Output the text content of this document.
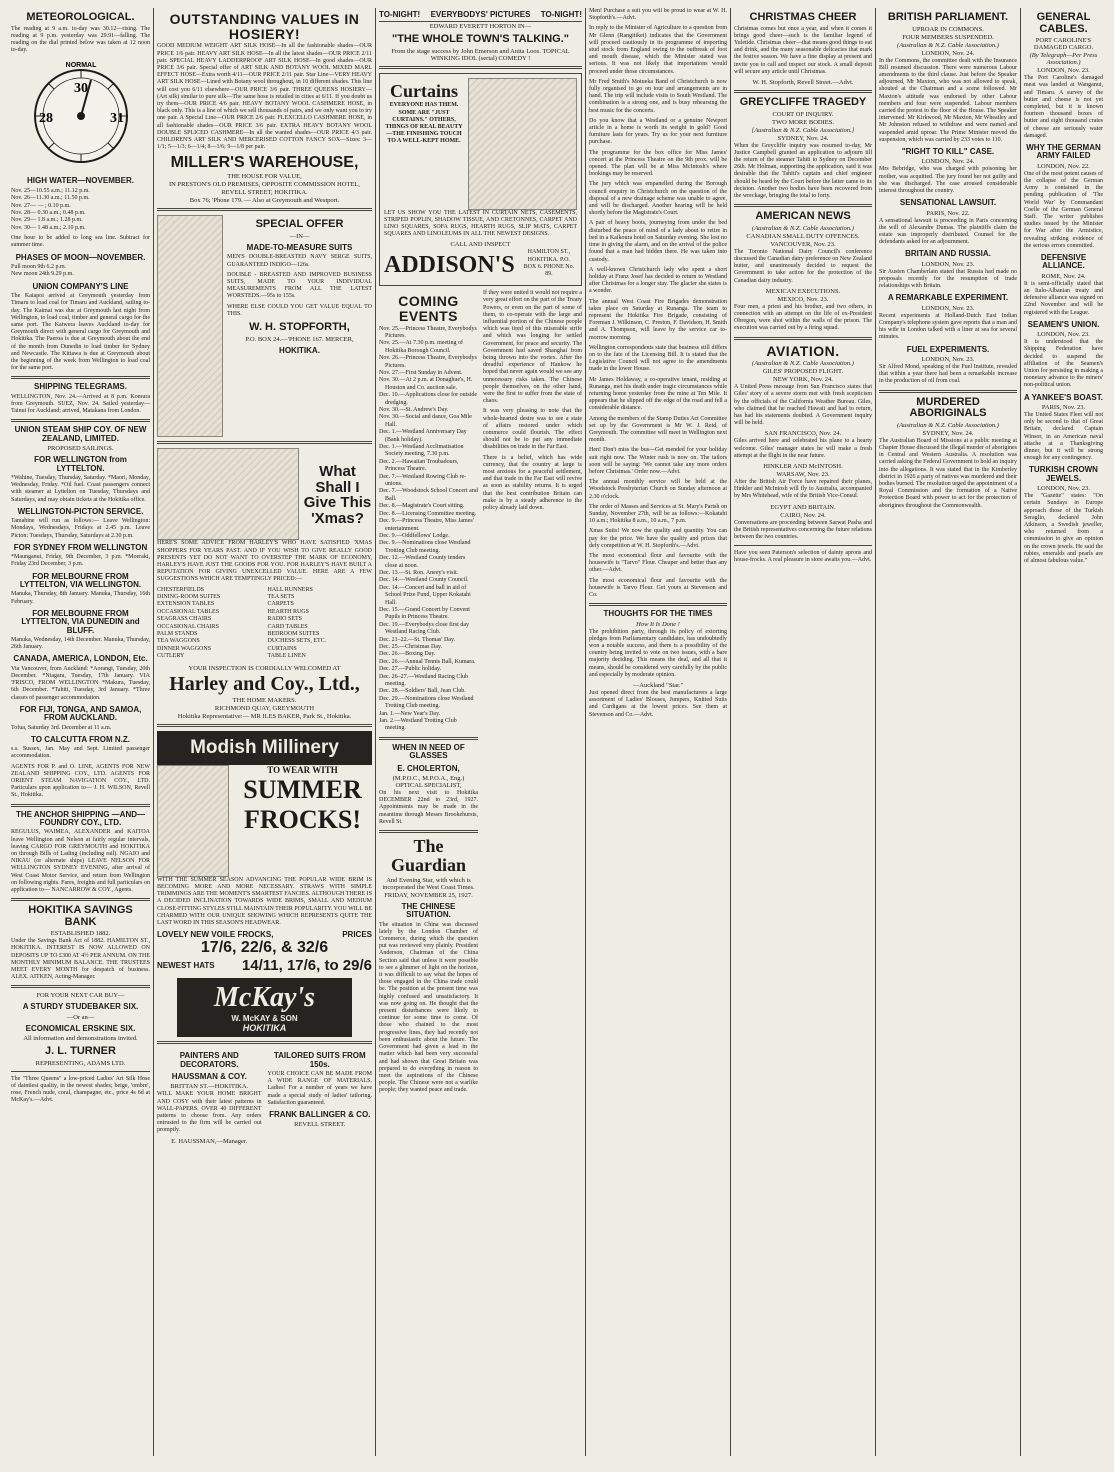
METEOROLOGICAL.

The reading at 9 a.m. to-day was 30.12—rising. The reading at 9 p.m. yesterday was 29.91—falling. The reading on the dial printed below was taken at 12 noon to-day.

NORMAL
28	31
30
HIGH WATER—NOVEMBER.
Nov. 25—10.55 a.m.; 11.12 p.m.
Nov. 26—11.30 a.m.; 11.50 p.m.
Nov. 27— — ; 0.10 p.m.
Nov. 28— 0.30 a.m.; 0.48 p.m.
Nov. 29— 1.8 a.m.; 1.28 p.m.
Nov. 30— 1.48 a.m.; 2.10 p.m.

One hour to be added to long sea line. Subtract for summer time.

PHASES OF MOON—NOVEMBER.
Full moon 9th 6.2 p.m.
New moon 24th 9.29 p.m.
UNION COMPANY'S LINE

The Kaiapoi arrived at Greymouth yesterday from Timaru to load coal for Timaru and Auckland, sailing to-day. The Kaimai was due at Greymouth last night from Wellington, to load coal, timber and general cargo for the same port. The Kaiwera leaves Auckland to-day for Greymouth direct with general cargo for Greymouth and Hokitika. The Paeroa is due at Greymouth about the end of the month from Dunedin to load timber for Sydney and Newcastle. The Kittawa is due at Greymouth about the beginning of the week from Wellington to load coal for the same port.

SHIPPING TELEGRAMS.

WELLINGTON, Nov. 24.—Arrived at 8 p.m. Komura from Greymouth. SUEZ, Nov. 24. Sailed yesterday—Tainui for Auckland; arrived, Matakana from London.

UNION STEAM SHIP COY. OF NEW ZEALAND, LIMITED.
PROPOSED SAILINGS.
FOR WELLINGTON from LYTTELTON.

*Wahine, Tuesday, Thursday, Saturday. *Maori, Monday, Wednesday, Friday. *Oil fuel. Coast passengers connect with steamer at Lyttelton on Tuesday, Thursdays and Saturdays, and may obtain tickets at the Hokitika office.

WELLINGTON-PICTON SERVICE.

Tamahine will run as follows:— Leave Wellington: Mondays, Wednesdays, Fridays at 2.45 p.m. Leave Picton: Tuesdays, Thursday, Saturdays at 2.30 p.m.

FOR SYDNEY FROM WELLINGTON

*Maunganui, Friday, 9th December, 3 p.m. *Moeraki, Friday 23rd December, 3 p.m.

FOR MELBOURNE FROM LYTTELTON, VIA WELLINGTON.

Manuka, Thursday, 8th January. Manuka, Thursday, 16th February.

FOR MELBOURNE FROM LYTTELTON, VIA DUNEDIN and BLUFF.

Manuka, Wednesday, 14th December. Manuka, Thursday, 26th January.

CANADA, AMERICA, LONDON, Etc.

Via Vancouver, from Auckland: *Aorangi, Tuesday, 20th December. *Niagara, Tuesday, 17th January. VIA 'FRISCO, FROM WELLINGTON *Makura, Tuesday, 6th December. *Tahiti, Tuesday, 3rd January. *Three classes of passenger accommodation.

FOR FIJI, TONGA, AND SAMOA, FROM AUCKLAND.

Tofua, Saturday 3rd. December at 11 a.m.

TO CALCUTTA FROM N.Z.

s.s. Sussex, Jan. May and Sept. Limited passenger accommodation.

AGENTS FOR P. and O. LINE, AGENTS FOR NEW ZEALAND SHIPPING COY., LTD. AGENTS FOR ORIENT STEAM NAVIGATION COY., LTD. Particulars upon application to— J. H. WILSON, Revell St., Hokitika.

THE ANCHOR SHIPPING —AND— FOUNDRY COY., LTD.

REGULUS, WAIMEA, ALEXANDER and KAITOA leave Wellington and Nelson at fairly regular intervals, leaving CARGO FOR GREYMOUTH and HOKITIKA on through Bills of Lading (including rail). NGAIO and NIKAU (or alternate ships) LEAVE NELSON FOR WELLINGTON SYDNEY EVENING, after arrival of West Coast Motor Service, and return from Wellington on following nights. Fares, freights and full particulars on application to— NANCARROW & COY., Agents.

HOKITIKA SAVINGS BANK
ESTABLISHED 1882.

Under the Savings Bank Act of 1882. HAMILTON ST., HOKITIKA. INTEREST IS NOW ALLOWED ON DEPOSITS UP TO £300 AT 4½ PER ANNUM. ON THE MONTHLY MINIMUM BALANCE. THE TRUSTEES MEET EVERY MONTH for despatch of business. ALEX. AITKEN, Acting-Manager.

FOR YOUR NEXT CAR BUY—
A STURDY STUDEBAKER SIX.
—Or an—
ECONOMICAL ERSKINE SIX.
All information and demonstrations invited.
J. L. TURNER
REPRESENTING, ADAMS LTD.

The "Three Queens" a low-priced Ladies' Art Silk Hose of daintiest quality, in the newest shades; beige, 'ombre', rose, French nude, coral, champagne, etc., price 4s 6d at McKay's.—Advt.

OUTSTANDING VALUES IN HOSIERY!

GOOD MEDIUM WEIGHT ART SILK HOSE—In all the fashionable shades—OUR PRICE 1/6 pair. HEAVY ART SILK HOSE—In all the latest shades—OUR PRICE 2/11 pair. SPECIAL HEAVY LADDERPROOF ART SILK HOSE—In good shades—OUR PRICE 3/6 pair. Special offer of ART SILK AND BOTANY WOOL MIXED MARL EFFECT HOSE—Extra worth 4/11—OUR PRICE 2/11 pair. Star Line—VERY HEAVY ART SILK HOSE—Lined with Botany wool throughout, in 10 different shades. This line will cost you 6/11 elsewhere—OUR PRICE 3/6 pair. THREE QUEENS HOSIERY—(Art silk) similar to pure silk—The same hose is retailed in cities at 6/11. If you doubt us try them—OUR PRICE 4/6 pair. HEAVY BOTANY WOOL CASHMERE HOSE, in black only. This is a line of which we sell thousands of pairs, and we only want you to try one pair. A Special Line—OUR PRICE 2/6 pair. FLEXCELLO CASHMERE HOSE, in all fashionable shades—OUR PRICE 3/6 pair. EXTRA HEAVY BOTANY WOOL DOUBLE SPLICED CASHMERE—In all the wanted shades—OUR PRICE 4/3 pair. CHILDREN'S ART SILK AND MERCERISED COTTON FANCY SOX—Sizes: 3—1/1; 5—1/3; 6—1/4; 8—1/6; 9—1/8 per pair.

MILLER'S WAREHOUSE,
THE HOUSE FOR VALUE,
IN PRESTON'S OLD PREMISES, OPPOSITE COMMISSION HOTEL,
REVELL STREET, HOKITIKA.
Box 76; 'Phone 179. — Also at Greymouth and Westport.
SPECIAL OFFER
—IN—
MADE-TO-MEASURE SUITS

MEN'S DOUBLE-BREASTED NAVY SERGE SUITS, GUARANTEED INDIGO—126s.

DOUBLE - BREASTED AND IMPROVED BUSINESS SUITS, MADE TO YOUR INDIVIDUAL MEASUREMENTS FROM ALL THE LATEST WORSTEDS.—95s to 155s.

WHERE ELSE COULD YOU GET VALUE EQUAL TO THIS.

W. H. STOPFORTH,
P.O. BOX 24.—'PHONE 167. MERCER,
HOKITIKA.
What Shall I Give This 'Xmas?

HERE'S SOME ADVICE FROM HARLEY'S WHO HAVE SATISFIED 'XMAS SHOPPERS FOR YEARS PAST. AND IF YOU WISH TO GIVE REALLY GOOD PRESENTS YET DO NOT WANT TO OVERSTEP THE MARK OF ECONOMY, HARLEY'S HAVE JUST THE GOODS FOR YOU. FOR HARLEY'S HAVE BUILT A REPUTATION FOR GIVING UNEXCELLED VALUE. HERE ARE A FEW SUGGESTIONS WHICH ARE TEMPTINGLY PRICED:—

CHESTERFIELDS
DINING-ROOM SUITES
EXTENSION TABLES
OCCASIONAL TABLES
SEAGRASS CHAIRS
OCCASIONAL CHAIRS
PALM STANDS
TEA WAGGONS
DINNER WAGGONS
CUTLERY
HALL RUNNERS
TEA SETS
CARPETS
HEARTH RUGS
RADIO SETS
CARD TABLES
BEDROOM SUITES
DUCHESS SETS, ETC.
CURTAINS
TABLE LINEN
YOUR INSPECTION IS CORDIALLY WELCOMED AT
Harley and Coy., Ltd.,
THE HOME MAKERS.
RICHMOND QUAY, GREYMOUTH
Hokitika Representative:— MR ILES BAKER, Park St., Hokitika.
Modish Millinery
TO WEAR WITH
SUMMER
FROCKS!

WITH THE SUMMER SEASON ADVANCING THE POPULAR WIDE BRIM IS BECOMING MORE AND MORE NECESSARY. STRAWS WITH SIMPLE TRIMMINGS ARE THE MOMENT'S SMARTEST FANCIES. ALTHOUGH THERE IS A DECIDED INCLINATION TOWARDS WIDE BRIMS, SMALL AND MEDIUM CLOSE-FITTING STYLES STILL MAINTAIN THEIR POPULARITY. YOU WILL BE CHARMED WITH OUR UNIQUE SHOWING WHICH REPRESENTS QUITE THE LAST WORD IN THIS SEASON'S HEADWEAR.

LOVELY NEW VOILE FROCKS,	PRICES
17/6, 22/6, & 32/6
NEWEST HATS 14/11, 17/6, to 29/6
McKay's
W. McKAY & SON
HOKITIKA
PAINTERS AND DECORATORS.
HAUSSMAN & COY.
BRITTAN ST.—HOKITIKA.

WILL MAKE YOUR HOME BRIGHT AND COSY with their latest patterns in WALL-PAPERS. OVER 40 DIFFERENT patterns to choose from. Any orders entrusted to the firm will be carried out promptly.

E. HAUSSMAN,—Manager.
TAILORED SUITS FROM 150s.

YOUR CHOICE CAN BE MADE FROM A WIDE RANGE OF MATERIALS. Ladies! For a number of years we have made a special study of ladies' tailoring. Satisfaction guaranteed.

FRANK BALLINGER & CO.
REVELL STREET.
TO-NIGHT! EVERYBODYS' PICTURES TO-NIGHT!
EDWARD EVERETT HORTON IN—
"THE WHOLE TOWN'S TALKING."
From the stage success by John Emerson and Anita Loos. TOPICAL WINKING IDOL (serial) COMEDY !
Curtains

EVERYONE HAS THEM. SOME ARE "JUST CURTAINS." OTHERS, THINGS OF REAL BEAUTY—THE FINISHING TOUCH TO A WELL-KEPT HOME.

LET US SHOW YOU THE LATEST IN CURTAIN NETS, CASEMENTS, STRIPED POPLIN, SHADOW TISSUE, AND CRETONNES, CARPET AND LINO SQUARES, SOFA RUGS, HEARTH RUGS, SLIP MATS, CARPET SQUARES AND LINOLEUMS IN ALL THE NEWEST DESIGNS.

CALL AND INSPECT
ADDISON'S	HAMILTON ST., HOKITIKA. P.O. BOX 6. PHONE No. 89.
COMING EVENTS
Nov. 25.—Princess Theatre, Everybodys Pictures.
Nov. 25.—At 7.30 p.m. meeting of Hokitika Borough Council.
Nov. 26.—Princess Theatre, Everybodys Pictures.
Nov. 27.—First Sunday in Advent.
Nov. 30.—At 2 p.m. at Donaghue's, H. Houston and Co. auction sale.
Dec. 10.—Applications close for outside dredging.
Nov. 30.—St. Andrew's Day.
Nov. 30.—Social and dance, Goa Mile Hall.
Dec. 1.—Westland Anniversary Day (Bank holiday).
Dec. 1.—Westland Acclimatisation Society meeting, 7.30 p.m.
Dec. 2.—Hawaiian Troubadours, Princess Theatre.
Dec. 7.—Westland Rowing Club re-unions.
Dec. 7.—Woodstock School Concert and Ball.
Dec. 8.—Magistrate's Court sitting.
Dec. 8.—Licensing Committee meeting.
Dec. 9.—Princess Theatre, Miss James' entertainment.
Dec. 9.—Oddfellows' Lodge.
Dec. 9.—Nominations close Westland Trotting Club meeting.
Dec. 12.—Westland County tenders close at noon.
Dec. 13.—St. Ron. Aneey's visit.
Dec. 14.—Westland County Council.
Dec. 14.—Concert and ball in aid of School Prize Fund, Upper Kokatahi Hall.
Dec. 15.—Grand Concert by Convent Pupils in Princess Theatre.
Dec. 19.—Everybodys close first day Westland Racing Club.
Dec. 21–22.—St. Thomas' Day.
Dec. 25.—Christmas Day.
Dec. 26.—Boxing Day.
Dec. 26.—Annual Tennis Ball, Kumara.
Dec. 27.—Public holiday.
Dec. 26–27.—Westland Racing Club meeting.
Dec. 28.—Soldiers' Ball, Jean Club.
Dec. 29.—Nominations close Westland Trotting Club meeting.
Jan. 1.—New Year's Day.
Jan. 2.—Westland Trotting Club meeting.
WHEN IN NEED OF GLASSES
E. CHOLERTON,
(M.P.O.C., M.P.O.A., Eng.) OPTICAL SPECIALIST,

On his next visit to Hokitika DECEMBER 22nd to 23rd, 1927. Appointments may be made in the meantime through Messrs Brookehursts, Revell St.

The Guardian
And Evening Star, with which is incorporated the West Coast Times.
FRIDAY, NOVEMBER 25, 1927.
THE CHINESE SITUATION.

The situation in China was discussed lately by the London Chamber of Commerce, during which the question put was reviewed very plainly. President Anderson, Chairman of the China Section said that unless it were possible to see a glimmer of light on the horizon, it was difficult to say what the hopes of those engaged in the China trade could be. The position at the present time was highly confused and unsatisfactory. It was now going on. He thought that the present disturbances were likely to continue for some time to come. Of those who chained to the most progressive lines, they had recently not been enthusiastic about the future. The Government had given a lead in the matter which had been very successful and had shown that Great Britain was prepared to do everything in reason to meet the aspirations of the Chinese people. The Chinese were not a warlike people; they wanted peace and trade.

If they were united it would not require a very great effort on the part of the Treaty Powers, or even on the part of some of them, to co-operate with the large and influential portion of the Chinese people which was tired of this miserable strife and which was longing for settled Government, for peace and security. The Government had saved Shanghai from being thrown into the vortex. After the dreadful experience of Hankow he hoped that never again would we see any unnecessary risks taken. The Chinese people themselves, on the other hand, were the first to suffer from the state of chaos.

It was very pleasing to note that the whole-hearted desire was to see a state of affairs restored under which commerce could flourish. The effect should not be to put any immediate disabilities on trade in the Far East.

There is a belief, which has wide currency, that the country at large is most anxious for a peaceful settlement, and that trade in the Far East will revive as soon as stability returns. It is urged that the best contribution Britain can make is by a steady adherence to the policy already laid down.

Men! Purchase a suit you will be proud to wear at W. H. Stopforth's.—Advt.

In reply to the Minister of Agriculture to a question from Mr Glenn (Rangitikei) indicates that the Government will proceed cautiously in its programme of importing stud stock from England owing to the outbreak of foot and mouth disease, which the Minister stated was serious. It was not likely that importations would proceed under those circumstances.

Mr Fred Smith's Motueka Band of Christchurch is now fully organised to go on tour and arrangements are in hand. The trip will include visits to South Westland. The combination is a strong one, and is busy rehearsing the best music for the concerts.

Do you know that a Westland or a genuine Newport article in a home is worth its weight in gold? Good furniture lasts for years. Try us for your next furniture purchase.

The programme for the box office for Miss James' concert at the Princess Theatre on the 9th prox. will be opened. The plan will be at Miss McIntosh's where bookings may be reserved.

The jury which was empanelled during the Borough council enquiry in Christchurch on the question of the disposal of a new drainage scheme was unable to agree, and will be discharged. Another hearing will be held shortly before the Magistrate's Court.

A pair of heavy boots, journeying from under the bed disturbed the peace of mind of a lady about to retire in bed in a Kaikoura hotel on Saturday evening. She lost no time in giving the alarm, and on the arrival of the police found that a man had hidden there. He was taken into custody.

A well-known Christchurch lady who spent a short holiday at Franz Josef has decided to return to Westland after Christmas for a longer stay. The glacier she states is a wonder.

The annual West Coast Fire Brigades demonstration takes place on Saturday at Runanga. The team to represent the Hokitika Fire Brigade, consisting of Foreman J. Wilkinson, C. Preston, F. Davidson, H. Smith and A. Thompson, will leave by the service car to-morrow morning.

Wellington correspondents state that business still differs on to the fate of the Licensing Bill. It is stated that the Legislative Council will not agree to the amendments made in the lower House.

Mr James Holdaway, a co-operative tenant, residing at Runanga, met his death under tragic circumstances while returning home yesterday from the mine at Ten Mile. It appears that he slipped off the edge of the road and fell a considerable distance.

Among the members of the Stamp Duties Act Committee set up by the Government is Mr W. J. Reid, of Greymouth. The committee will meet in Wellington next month.

Hen! Don't miss the bus—Get mended for your holiday suit right now. The Winter rush is now on. The tailors soon will be saying: 'We cannot take any more orders before Christmas.' Order now.—Advt.

The annual monthly service will be held at the Woodstock Presbyterian Church on Sunday afternoon at 2.30 o'clock.

The order of Masses and Services at St. Mary's Parish on Sunday, November 27th, will be as follows:—Kokatahi 10 a.m.; Hokitika 8 a.m., 10 a.m., 7 p.m.

Xmas Suits! We now the quality and quantity. You can pay for the price. We have the quality and prices that defy competition at W. H. Stopforth's.—Advt.

The most economical flour and favourite with the housewife is "Tarvo" Flour. Cheaper and better than any other.—Advt.

The most economical flour and favourite with the housewife is Tarvo Flour. Get yours at Stevenson and Co.

THOUGHTS FOR THE TIMES
How It Is Done !

The prohibition party, through its policy of extorting pledges from Parliamentary candidates, has undoubtedly won a notable success, and there is a possibility of the country being invited to vote on two issues, with a bare majority deciding. This means the deal, and all that it means, should be considered very carefully by the public and especially by moderate opinion.

—Auckland "Star."

Just opened direct from the best manufacturers a large assortment of Ladies' Blouses, Jumpers, Knitted Suits and Cardigans at the lowest prices. See them at Stevenson and Co.—Advt.

CHRISTMAS CHEER

Christmas comes but once a year, and when it comes it brings good cheer—such is the familiar legend of Yuletide. Christmas cheer—that means good things to eat and drink, and the many seasonable delicacies that mark the festive season. We have a fine display at present and invite you to call and inspect our stock. A small deposit will secure any article until Christmas.

W. H. Stopforth, Revell Street.—Advt.
GREYCLIFFE TRAGEDY
COURT OF INQUIRY.
TWO MORE BODIES.
[Australian & N.Z. Cable Association.]
SYDNEY, Nov. 24.

When the Greycliffe inquiry was resumed to-day, Mr Justice Campbell granted an application to adjourn till the return of the steamer Tahiti to Sydney on December 26th. Mr Holman, supporting the application, said it was desirable that the Tahiti's captain and chief engineer should be heard by the Court before the latter came to its decision. Another two bodies have been recovered from the wreckage, bringing the total to forty.

AMERICAN NEWS
(Australian & N.Z. Cable Association.)
CANADIAN SMALL DUTY OFFENCES.
VANCOUVER, Nov. 23.

The Toronto National Dairy Council's conference discussed the Canadian dairy preference on New Zealand butter, and unanimously decided to request the Government to take action for the protection of the Canadian dairy industry.

MEXICAN EXECUTIONS.
MEXICO, Nov. 23.

Four men, a priest and his brother, and two others, in connection with an attempt on the life of ex-President Obregon, were shot within the walls of the prison. The execution was carried out by a firing squad.

AVIATION.
(Australian & N.Z. Cable Association.)
GILES' PROPOSED FLIGHT.
NEW YORK, Nov. 24.

A United Press message from San Francisco states that Giles' story of a severe storm met with fresh scepticism by the officials of the California Weather Bureau. Giles, who claimed that he reached Hawaii and had to return, has had his statements doubted. A Government inquiry will be held.

SAN FRANCISCO, Nov. 24.

Giles arrived here and celebrated his plane to a hearty welcome. Giles' manager states he will make a fresh attempt at the flight in the near future.

HINKLER AND McINTOSH.
WARSAW, Nov. 23.

After the British Air Force have repaired their planes, Hinkler and McIntosh will fly to Australia, accompanied by Mrs Whitehead, wife of the British Vice-Consul.

EGYPT AND BRITAIN.
CAIRO, Nov. 24.

Conversations are proceeding between Sarwat Pasha and the British representatives concerning the future relations between the two countries.

Have you seen Paterson's selection of dainty aprons and house-frocks. A real pleasure in store awaits you.—Advt.

BRITISH PARLIAMENT.
UPROAR IN COMMONS.
FOUR MEMBERS SUSPENDED.
(Australian & N.Z. Cable Association.)
LONDON, Nov. 24.

In the Commons, the committee dealt with the Insurance Bill resumed discussion. There were numerous Labour amendments to the third clause. Just before the Speaker adjourned, Mr Maxton, who was not allowed to speak, shouted at the Chairman and a scene followed. Mr Maxton's attitude was endorsed by other Labour members and four were suspended. Labour members carried the protest to the floor of the House. The Speaker intervened. Mr Kirkwood, Mr Maxton, Mr Wheatley and Mr Johnston refused to withdraw and were named and suspended amid uproar. The Prime Minister moved the suspension, which was carried by 233 votes to 110.

"RIGHT TO KILL" CASE.
LONDON, Nov. 24.

Mrs Bebridge, who was charged with poisoning her mother, was acquitted. The jury found her not guilty and she was discharged. The case aroused considerable interest throughout the country.

SENSATIONAL LAWSUIT.
PARIS, Nov. 22.

A sensational lawsuit is proceeding in Paris concerning the will of Alexandre Dumas. The plaintiffs claim the estate was improperly distributed. Counsel for the defendants asked for an adjournment.

BRITAIN AND RUSSIA.
LONDON, Nov. 23.

Sir Austen Chamberlain stated that Russia had made no proposals recently for the resumption of trade relationships with Britain.

A REMARKABLE EXPERIMENT.
LONDON, Nov. 23.

Recent experiments at Holland-Dutch East Indian Company's telephone system gave reports that a man and his wife in London talked with a liner at sea for several minutes.

FUEL EXPERIMENTS.
LONDON, Nov. 23.

Sir Alfred Mond, speaking of the Fuel Institute, revealed that within a year there had been a remarkable increase in the production of oil from coal.

MURDERED ABORIGINALS
(Australian & N.Z. Cable Association.)
SYDNEY, Nov. 24.

The Australian Board of Missions at a public meeting at Chapter House discussed the illegal murder of aborigines in Central and Western Australia. A resolution was carried asking the Federal Government to hold an inquiry into the allegations. It was stated that in the Kimberley district in 1926 a party of natives was murdered and their bodies burned. The resolution urged the appointment of a Royal Commission and the formation of a Native Protection Board with power to act for the protection of aborigines throughout the Commonwealth.

GENERAL CABLES.
PORT CAROLINE'S DAMAGED CARGO.
(By Telegraph—Per Press Association.)
LONDON, Nov. 23.

The Port Caroline's damaged meat was landed at Wanganui, and Timaru. A survey of the butter and cheese is not yet completed, but it is known fourteen thousand boxes of butter and eight thousand crates of cheese are seriously water damaged.

WHY THE GERMAN ARMY FAILED
LONDON, Nov. 22.

One of the most potent causes of the collapse of the German Army is contained in the pending publication of 'The World War' by Commandant Coelle of the German General Staff. The writer publishes studies issued by the Minister for War after the Armistice, revealing striking evidence of the serious errors committed.

DEFENSIVE ALLIANCE.
ROME, Nov. 24.

It is semi-officially stated that an Italo-Albanian treaty and defensive alliance was signed on 22nd November and will be registered with the League.

SEAMEN'S UNION.
LONDON, Nov. 23.

It is understood that the Shipping Federation have decided to suspend the affiliation of the Seamen's Union for persisting in making a monetary advance to the miners' non-political union.

A YANKEE'S BOAST.
PARIS, Nov. 23.

The United States Fleet will not only be second to that of Great Britain, declared Captain Winsor, in an American naval attache at a Thanksgiving dinner, but it will be strong enough for any contingency.

TURKISH CROWN JEWELS.
LONDON, Nov. 23.

The "Gazette" states: "On certain Sundays in Europe approach those of the Turkish Seraglio, declared John Atkinson, a Swedish jeweller, who returned from a commission to give an opinion on the crown jewels. He said the rubies, emeralds and pearls are of almost fabulous value."
